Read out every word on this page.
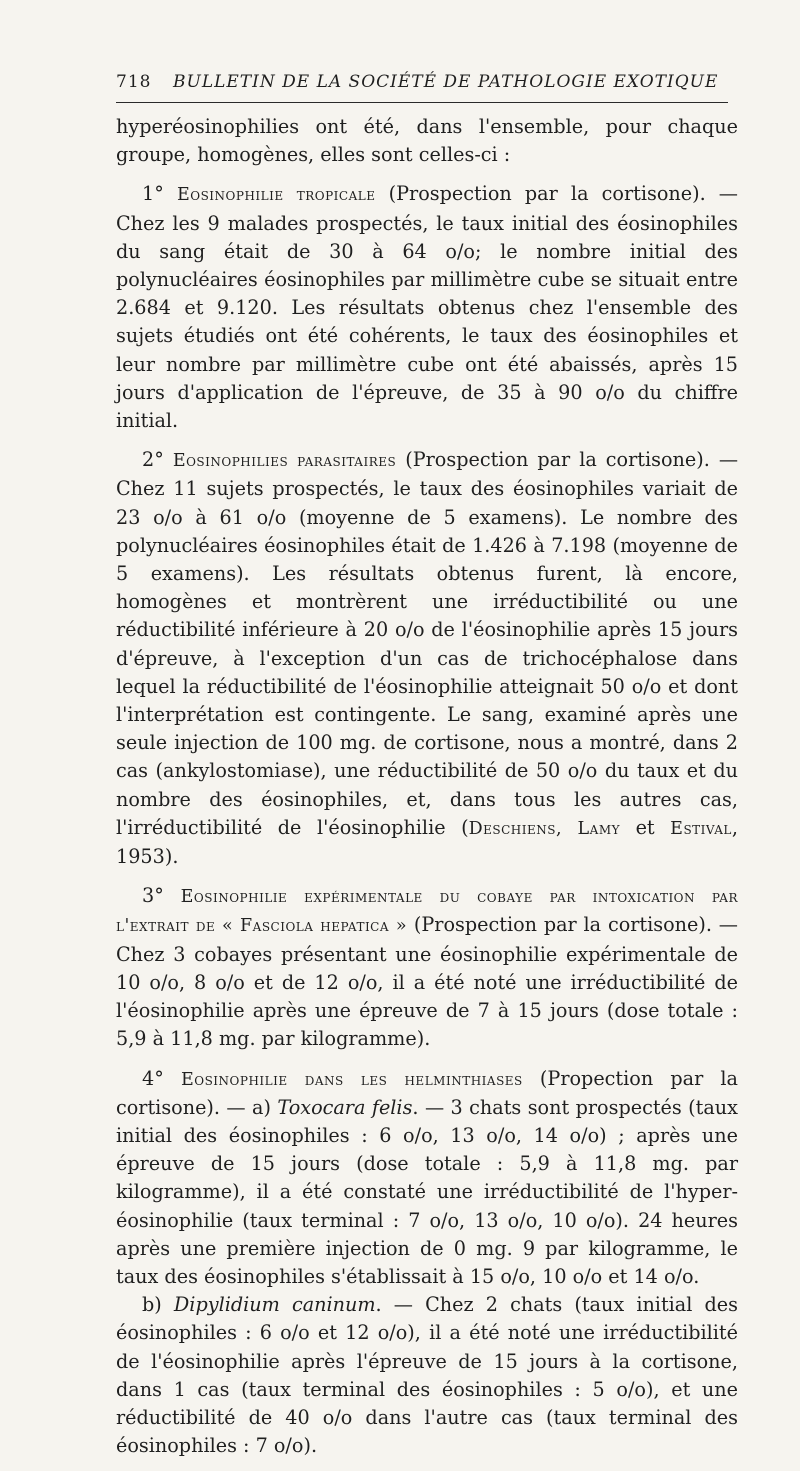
718 BULLETIN DE LA SOCIÉTÉ DE PATHOLOGIE EXOTIQUE

hyperéosinophilies ont été, dans l'ensemble, pour chaque groupe, homogènes, elles sont celles-ci :

1° Eosinophilie tropicale (Prospection par la cortisone). — Chez les 9 malades prospectés, le taux initial des éosinophiles du sang était de 30 à 64 o/o; le nombre initial des polynucléaires éosinophiles par millimètre cube se situait entre 2.684 et 9.120. Les résultats obtenus chez l'ensemble des sujets étudiés ont été cohérents, le taux des éosinophiles et leur nombre par millimètre cube ont été abaissés, après 15 jours d'application de l'épreuve, de 35 à 90 o/o du chiffre initial.

2° Eosinophilies parasitaires (Prospection par la cortisone). — Chez 11 sujets prospectés, le taux des éosinophiles variait de 23 o/o à 61 o/o (moyenne de 5 examens). Le nombre des polynucléaires éosinophiles était de 1.426 à 7.198 (moyenne de 5 examens). Les résultats obtenus furent, là encore, homogènes et montrèrent une irréductibilité ou une réductibilité inférieure à 20 o/o de l'éosinophilie après 15 jours d'épreuve, à l'exception d'un cas de trichocéphalose dans lequel la réductibilité de l'éosinophilie atteignait 50 o/o et dont l'interprétation est contingente. Le sang, examiné après une seule injection de 100 mg. de cortisone, nous a montré, dans 2 cas (ankylostomiase), une réductibilité de 50 o/o du taux et du nombre des éosinophiles, et, dans tous les autres cas, l'irréductibilité de l'éosinophilie (Deschiens, Lamy et Estival, 1953).

3° Eosinophilie expérimentale du cobaye par intoxication par l'extrait de « Fasciola hepatica » (Prospection par la cortisone). — Chez 3 cobayes présentant une éosinophilie expérimentale de 10 o/o, 8 o/o et de 12 o/o, il a été noté une irréductibilité de l'éosinophilie après une épreuve de 7 à 15 jours (dose totale : 5,9 à 11,8 mg. par kilogramme).

4° Eosinophilie dans les helminthiases (Propection par la cortisone). — a) Toxocara felis. — 3 chats sont prospectés (taux initial des éosinophiles : 6 o/o, 13 o/o, 14 o/o) ; après une épreuve de 15 jours (dose totale : 5,9 à 11,8 mg. par kilogramme), il a été constaté une irréductibilité de l'hyper-éosinophilie (taux terminal : 7 o/o, 13 o/o, 10 o/o). 24 heures après une première injection de 0 mg. 9 par kilogramme, le taux des éosinophiles s'établissait à 15 o/o, 10 o/o et 14 o/o.

b) Dipylidium caninum. — Chez 2 chats (taux initial des éosinophiles : 6 o/o et 12 o/o), il a été noté une irréductibilité de l'éosinophilie après l'épreuve de 15 jours à la cortisone, dans 1 cas (taux terminal des éosinophiles : 5 o/o), et une réductibilité de 40 o/o dans l'autre cas (taux terminal des éosinophiles : 7 o/o).
